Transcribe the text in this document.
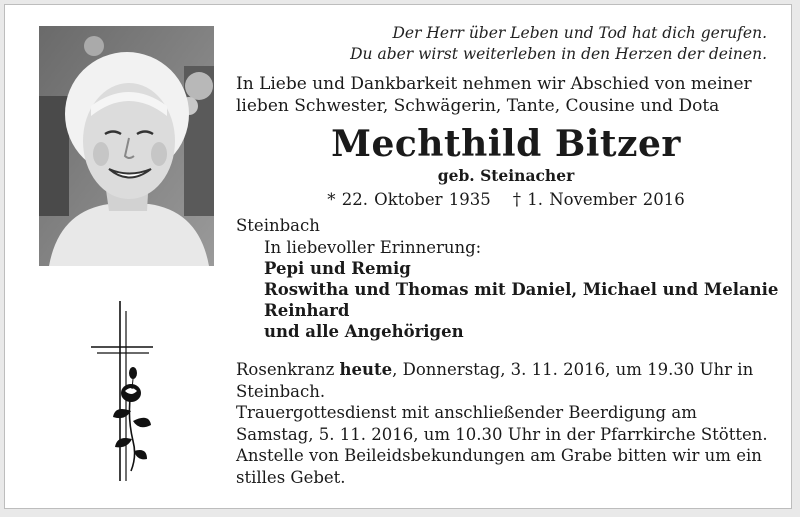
Der Herr über Leben und Tod hat dich gerufen.
Du aber wirst weiterleben in den Herzen der deinen.
In Liebe und Dankbarkeit nehmen wir Abschied von meiner
lieben Schwester, Schwägerin, Tante, Cousine und Dota
Mechthild Bitzer
geb. Steinacher
* 22. Oktober 1935 † 1. November 2016
Steinbach
In liebevoller Erinnerung:
Pepi und Remig
Roswitha und Thomas mit Daniel, Michael und Melanie
Reinhard
und alle Angehörigen

Rosenkranz heute, Donnerstag, 3. 11. 2016, um 19.30 Uhr in

Steinbach.

Trauergottesdienst mit anschließender Beerdigung am

Samstag, 5. 11. 2016, um 10.30 Uhr in der Pfarrkirche Stötten.

Anstelle von Beileidsbekundungen am Grabe bitten wir um ein

stilles Gebet.
